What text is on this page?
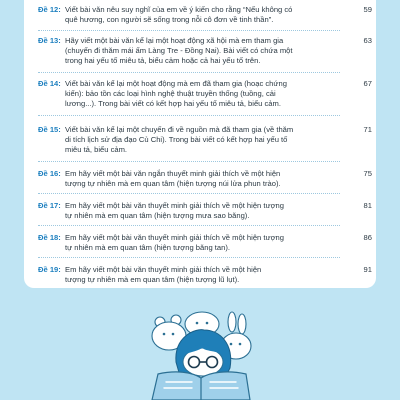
Đề 12: Viết bài văn nêu suy nghĩ của em về ý kiến cho rằng “Nếu không có
quê hương, con người sẽ sống trong nỗi cô đơn về tinh thần”.
59
Đề 13: Hãy viết một bài văn kể lại một hoạt động xã hội mà em tham gia
(chuyến đi thăm mái ấm Làng Tre - Đồng Nai). Bài viết có chứa một
trong hai yếu tố miêu tả, biểu cảm hoặc cả hai yếu tố trên.
63
Đề 14: Viết bài văn kể lại một hoạt động mà em đã tham gia (hoạc chứng
kiến): bảo tồn các loại hình nghệ thuật truyền thống (tuồng, cải
lương...). Trong bài viết có kết hợp hai yếu tố miêu tả, biểu cảm.
67
Đề 15: Viết bài văn kể lại một chuyến đi về nguồn mà đã tham gia (về thăm
di tích lịch sử địa đạo Củ Chi). Trong bài viết có kết hợp hai yếu tố
miêu tả, biểu cảm.
71
Đề 16: Em hãy viết một bài văn ngắn thuyết minh giải thích về một hiện
tượng tự nhiên mà em quan tâm (hiện tượng núi lửa phun trào).
75
Đề 17: Em hãy viết một bài văn thuyết minh giải thích về một hiện tượng
tự nhiên mà em quan tâm (hiện tượng mưa sao băng).
81
Đề 18: Em hãy viết một bài văn thuyết minh giải thích về một hiện tượng
tự nhiên mà em quan tâm (hiện tượng băng tan).
86
Đề 19: Em hãy viết một bài văn thuyết minh giải thích về một hiện
tượng tự nhiên mà em quan tâm (hiện tượng lũ lụt).
91
